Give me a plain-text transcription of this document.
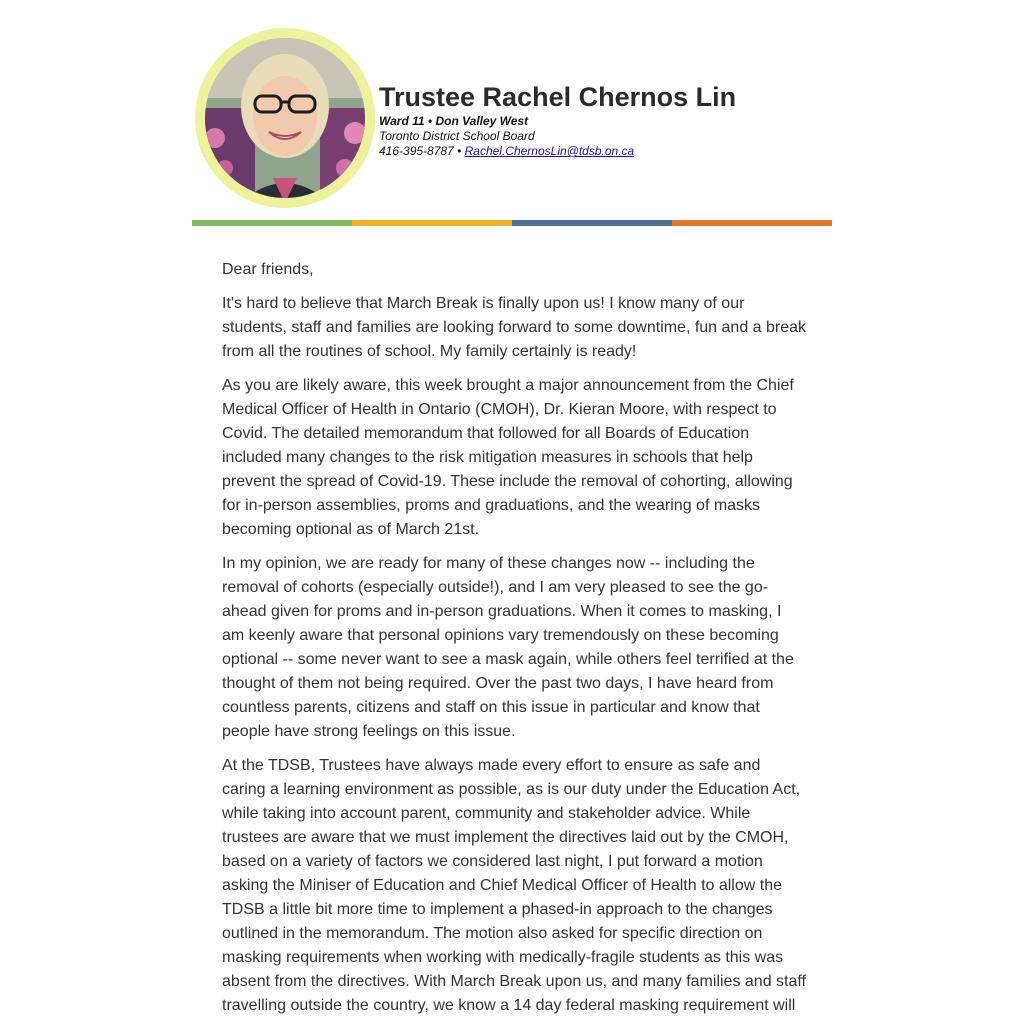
Trustee Rachel Chernos Lin
Ward 11 • Don Valley West
Toronto District School Board
416-395-8787 • Rachel.ChernosLin@tdsb.on.ca

Dear friends,

It's hard to believe that March Break is finally upon us! I know many of our students, staff and families are looking forward to some downtime, fun and a break from all the routines of school. My family certainly is ready!

As you are likely aware, this week brought a major announcement from the Chief Medical Officer of Health in Ontario (CMOH), Dr. Kieran Moore, with respect to Covid. The detailed memorandum that followed for all Boards of Education included many changes to the risk mitigation measures in schools that help prevent the spread of Covid-19. These include the removal of cohorting, allowing for in-person assemblies, proms and graduations, and the wearing of masks becoming optional as of March 21st.

In my opinion, we are ready for many of these changes now -- including the removal of cohorts (especially outside!), and I am very pleased to see the go-ahead given for proms and in-person graduations. When it comes to masking, I am keenly aware that personal opinions vary tremendously on these becoming optional -- some never want to see a mask again, while others feel terrified at the thought of them not being required. Over the past two days, I have heard from countless parents, citizens and staff on this issue in particular and know that people have strong feelings on this issue.

At the TDSB, Trustees have always made every effort to ensure as safe and caring a learning environment as possible, as is our duty under the Education Act, while taking into account parent, community and stakeholder advice. While trustees are aware that we must implement the directives laid out by the CMOH, based on a variety of factors we considered last night, I put forward a motion asking the Miniser of Education and Chief Medical Officer of Health to allow the TDSB a little bit more time to implement a phased-in approach to the changes outlined in the memorandum. The motion also asked for specific direction on masking requirements when working with medically-fragile students as this was absent from the directives. With March Break upon us, and many families and staff travelling outside the country, we know a 14 day federal masking requirement will
